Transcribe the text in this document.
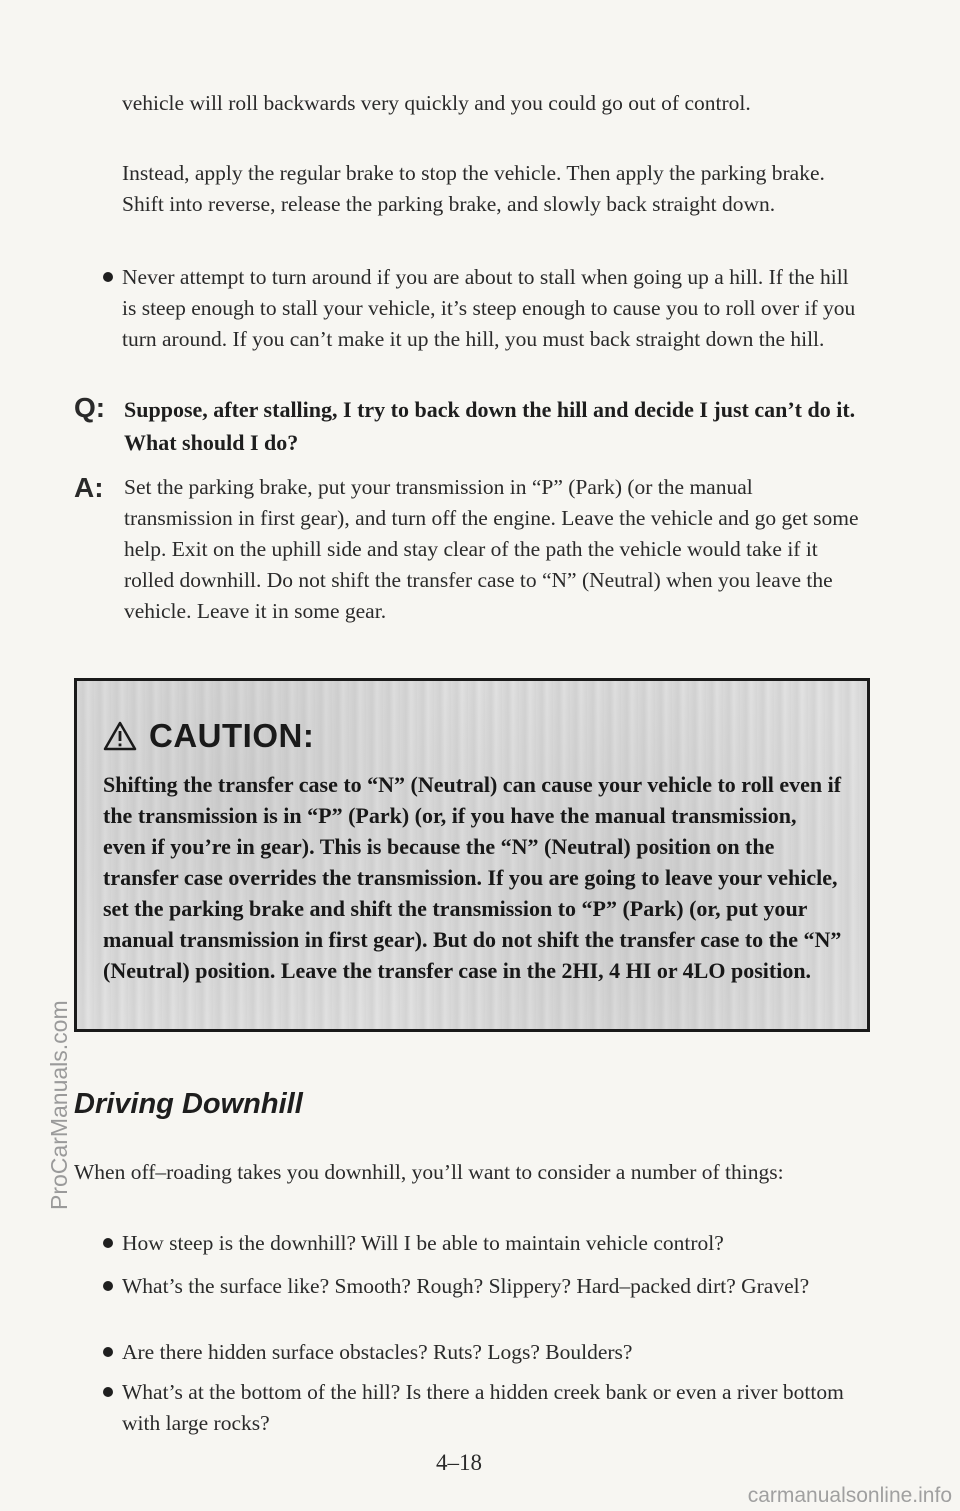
ProCarManuals.com

vehicle will roll backwards very quickly and you could go out of control.

Instead, apply the regular brake to stop the vehicle. Then apply the parking brake. Shift into reverse, release the parking brake, and slowly back straight down.

Never attempt to turn around if you are about to stall when going up a hill. If the hill is steep enough to stall your vehicle, it’s steep enough to cause you to roll over if you turn around. If you can’t make it up the hill, you must back straight down the hill.

Q: Suppose, after stalling, I try to back down the hill and decide I just can’t do it. What should I do?

A: Set the parking brake, put your transmission in “P” (Park) (or the manual transmission in first gear), and turn off the engine. Leave the vehicle and go get some help. Exit on the uphill side and stay clear of the path the vehicle would take if it rolled downhill. Do not shift the transfer case to “N” (Neutral) when you leave the vehicle. Leave it in some gear.

CAUTION:

Shifting the transfer case to “N” (Neutral) can cause your vehicle to roll even if the transmission is in “P” (Park) (or, if you have the manual transmission, even if you’re in gear). This is because the “N” (Neutral) position on the transfer case overrides the transmission. If you are going to leave your vehicle, set the parking brake and shift the transmission to “P” (Park) (or, put your manual transmission in first gear). But do not shift the transfer case to the “N” (Neutral) position. Leave the transfer case in the 2HI, 4 HI or 4LO position.

Driving Downhill

When off–roading takes you downhill, you’ll want to consider a number of things:

How steep is the downhill? Will I be able to maintain vehicle control?

What’s the surface like? Smooth? Rough? Slippery? Hard–packed dirt? Gravel?

Are there hidden surface obstacles? Ruts? Logs? Boulders?

What’s at the bottom of the hill? Is there a hidden creek bank or even a river bottom with large rocks?

4–18
carmanualsonline.info
